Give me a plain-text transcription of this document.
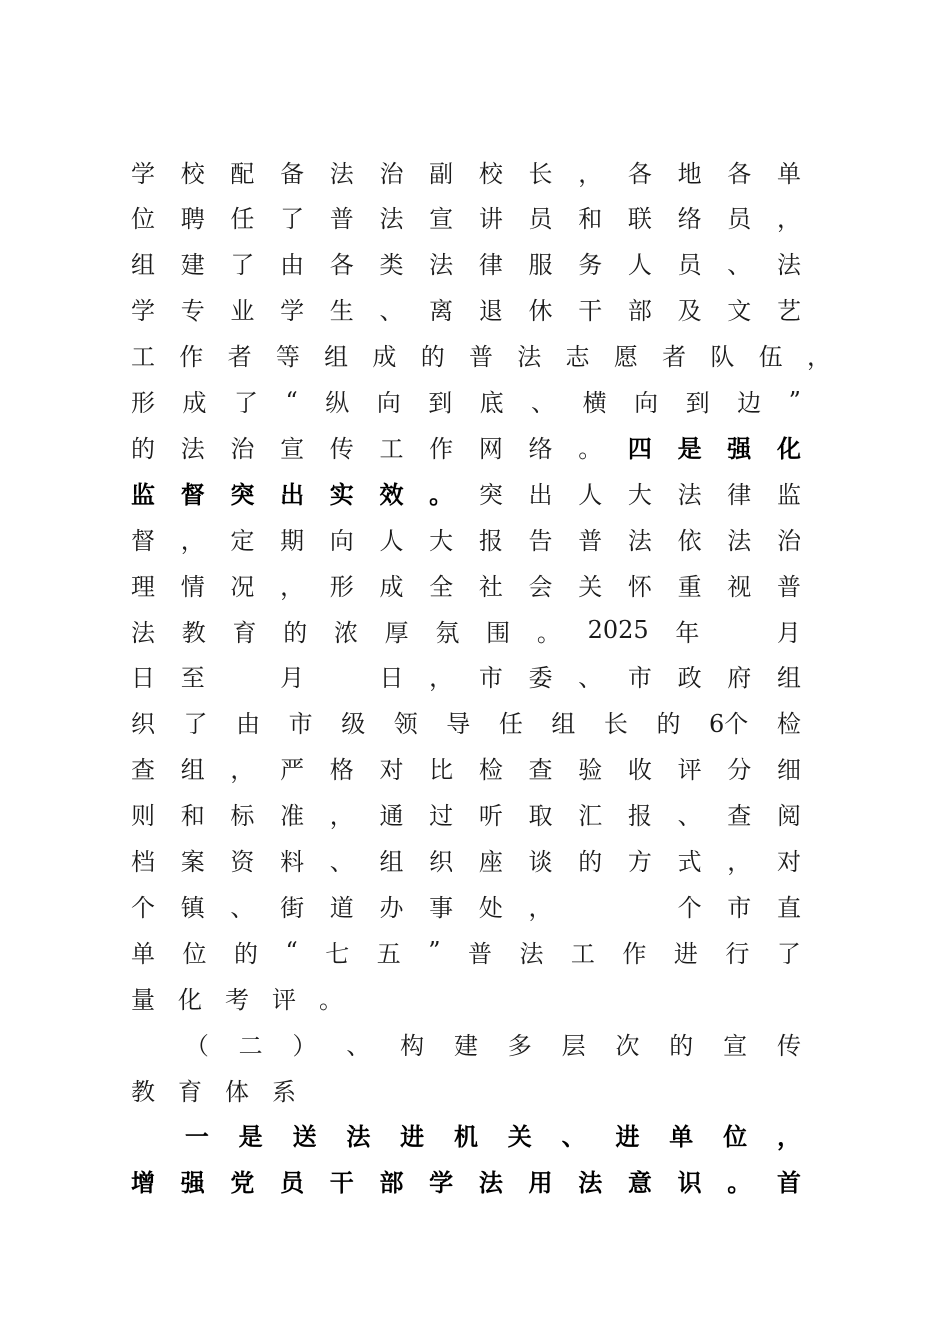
学 校 配 备 法 治 副 校 长 ， 各 地 各 单
位 聘 任 了 普 法 宣 讲 员 和 联 络 员 ，
组 建 了 由 各 类 法 律 服 务 人 员 、 法
学 专 业 学 生 、 离 退 休 干 部 及 文 艺
工 作 者 等 组 成 的 普 法 志 愿 者 队 伍 ，
形 成 了 “ 纵 向 到 底 、 横 向 到 边 ”
的 法 治 宣 传 工 作 网 络 。 四 是 强 化
监 督 突 出 实 效 。 突 出 人 大 法 律 监
督 ， 定 期 向 人 大 报 告 普 法 依 法 治
理 情 况 ， 形 成 全 社 会 关 怀 重 视 普
法 教 育 的 浓 厚 氛 围 。 2025 年	月
日 至	月	日 ， 市 委 、 市 政 府 组
织 了 由 市 级 领 导 任 组 长 的 6个 检
查 组 ， 严 格 对 比 检 查 验 收 评 分 细
则 和 标 准 ， 通 过 听 取 汇 报 、 查 阅
档 案 资 料 、 组 织 座 谈 的 方 式 ， 对
个 镇 、 街 道 办 事 处 ，	个 市 直
单 位 的 “ 七 五 ” 普 法 工 作 进 行 了
量 化 考 评 。
（ 二 ） 、 构 建 多 层 次 的 宣 传
教 育 体 系
一 是 送 法 进 机 关 、 进 单 位 ，
增 强 党 员 干 部 学 法 用 法 意 识 。 首
